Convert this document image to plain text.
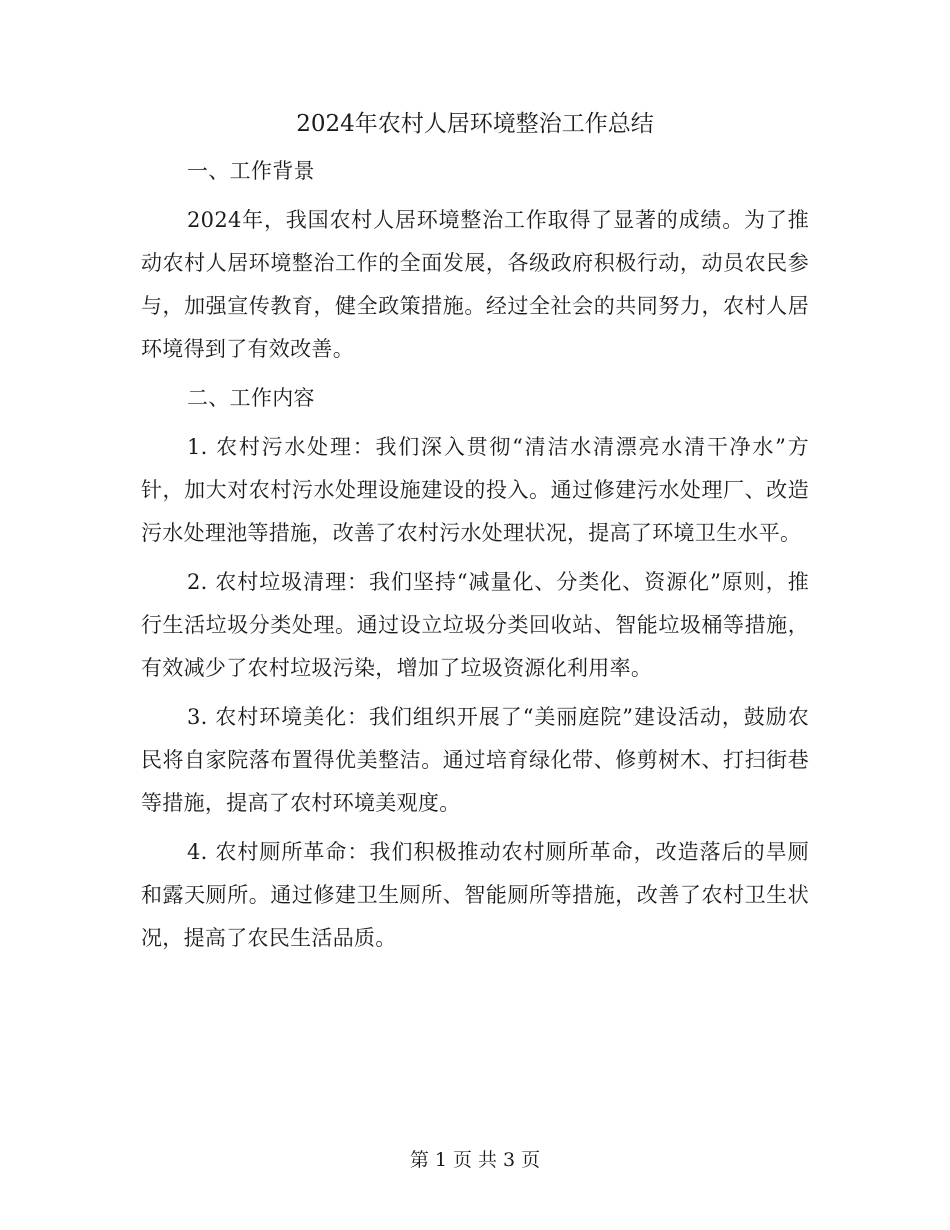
2024年农村人居环境整治工作总结
一、工作背景
2024年，我国农村人居环境整治工作取得了显著的成绩。为了推动农村人居环境整治工作的全面发展，各级政府积极行动，动员农民参与，加强宣传教育，健全政策措施。经过全社会的共同努力，农村人居环境得到了有效改善。
二、工作内容
1. 农村污水处理：我们深入贯彻“清洁水清漂亮水清干净水”方针，加大对农村污水处理设施建设的投入。通过修建污水处理厂、改造污水处理池等措施，改善了农村污水处理状况，提高了环境卫生水平。
2. 农村垃圾清理：我们坚持“减量化、分类化、资源化”原则，推行生活垃圾分类处理。通过设立垃圾分类回收站、智能垃圾桶等措施，有效减少了农村垃圾污染，增加了垃圾资源化利用率。
3. 农村环境美化：我们组织开展了“美丽庭院”建设活动，鼓励农民将自家院落布置得优美整洁。通过培育绿化带、修剪树木、打扫街巷等措施，提高了农村环境美观度。
4. 农村厕所革命：我们积极推动农村厕所革命，改造落后的旱厕和露天厕所。通过修建卫生厕所、智能厕所等措施，改善了农村卫生状况，提高了农民生活品质。
第 1 页 共 3 页
